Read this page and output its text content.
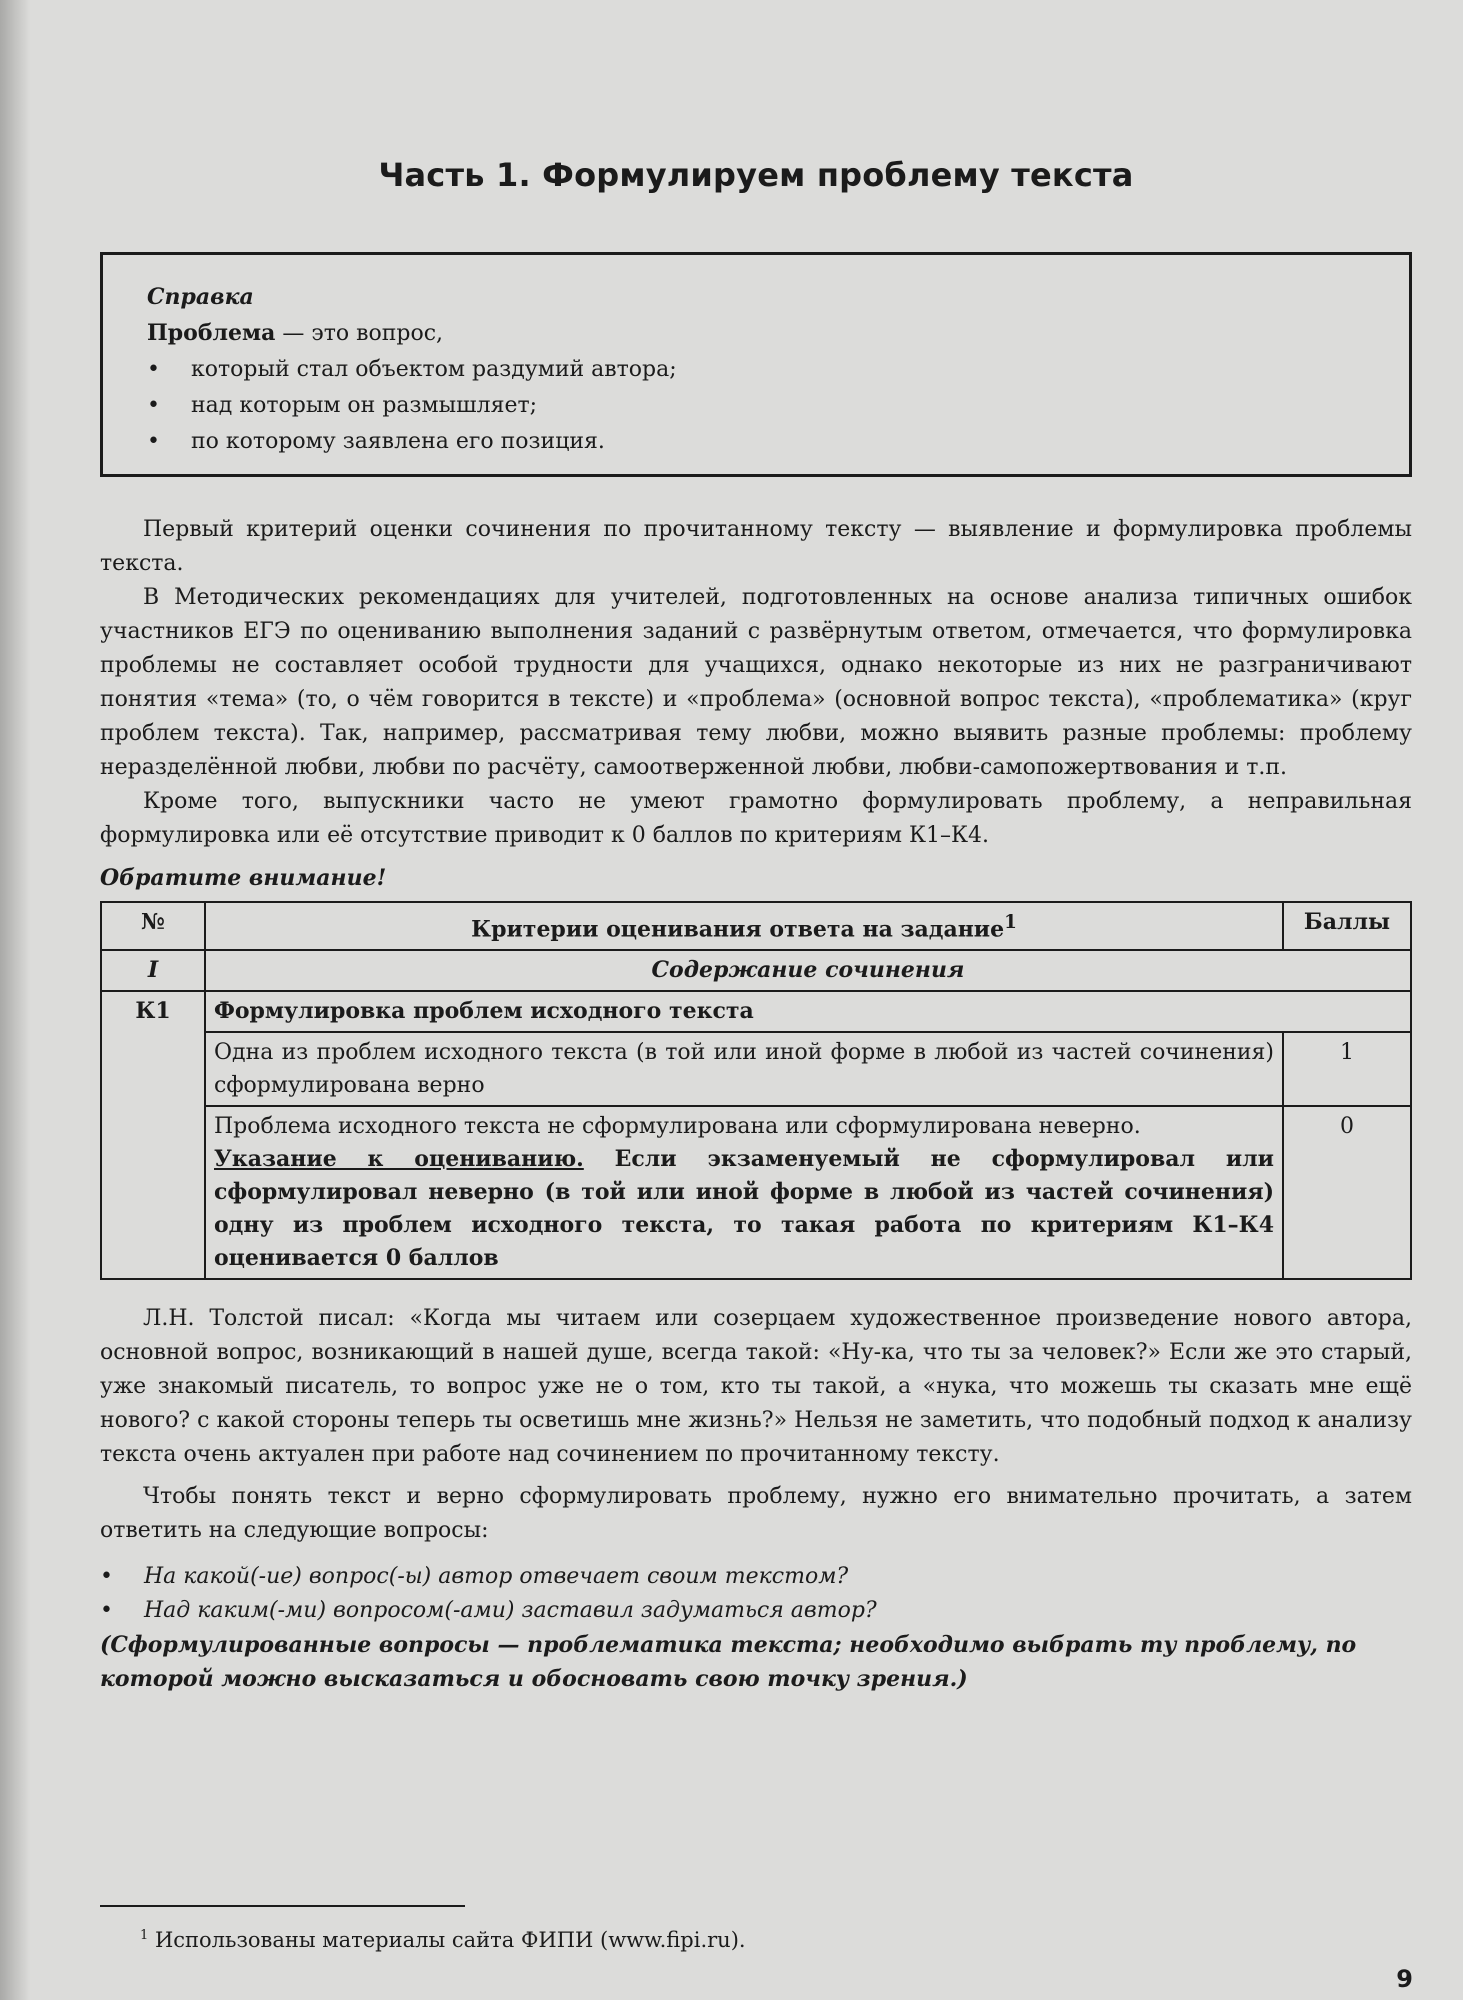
Часть 1. Формулируем проблему текста
Справка
Проблема — это вопрос,
• который стал объектом раздумий автора;
• над которым он размышляет;
• по которому заявлена его позиция.

Первый критерий оценки сочинения по прочитанному тексту — выявление и формулировка проблемы текста.

В Методических рекомендациях для учителей, подготовленных на основе анализа типичных ошибок участников ЕГЭ по оцениванию выполнения заданий с развёрнутым ответом, отмечается, что формулировка проблемы не составляет особой трудности для учащихся, однако некоторые из них не разграничивают понятия «тема» (то, о чём говорится в тексте) и «проблема» (основной вопрос текста), «проблематика» (круг проблем текста). Так, например, рассматривая тему любви, можно выявить разные проблемы: проблему неразделённой любви, любви по расчёту, самоотверженной любви, любви-самопожертвования и т.п.

Кроме того, выпускники часто не умеют грамотно формулировать проблему, а неправильная формулировка или её отсутствие приводит к 0 баллов по критериям К1–К4.

Обратите внимание!
№	Критерии оценивания ответа на задание$^1$	Баллы
I	Содержание сочинения	
К1	Формулировка проблем исходного текста	
	Одна из проблем исходного текста (в той или иной форме в любой из частей сочинения) сформулирована верно	1
	Проблема исходного текста не сформулирована или сформулирована неверно.
Указание к оцениванию. Если экзаменуемый не сформулировал или сформулировал неверно (в той или иной форме в любой из частей сочинения) одну из проблем исходного текста, то такая работа по критериям К1–К4 оценивается 0 баллов	0

Л.Н. Толстой писал: «Когда мы читаем или созерцаем художественное произведение нового автора, основной вопрос, возникающий в нашей душе, всегда такой: «Ну-ка, что ты за человек?» Если же это старый, уже знакомый писатель, то вопрос уже не о том, кто ты такой, а «нука, что можешь ты сказать мне ещё нового? с какой стороны теперь ты осветишь мне жизнь?» Нельзя не заметить, что подобный подход к анализу текста очень актуален при работе над сочинением по прочитанному тексту.

Чтобы понять текст и верно сформулировать проблему, нужно его внимательно прочитать, а затем ответить на следующие вопросы:

• На какой(-ие) вопрос(-ы) автор отвечает своим текстом?
• Над каким(-ми) вопросом(-ами) заставил задуматься автор?
(Сформулированные вопросы — проблематика текста; необходимо выбрать ту проблему, по которой можно высказаться и обосновать свою точку зрения.)
$^1$ Использованы материалы сайта ФИПИ (www.fipi.ru).
9
